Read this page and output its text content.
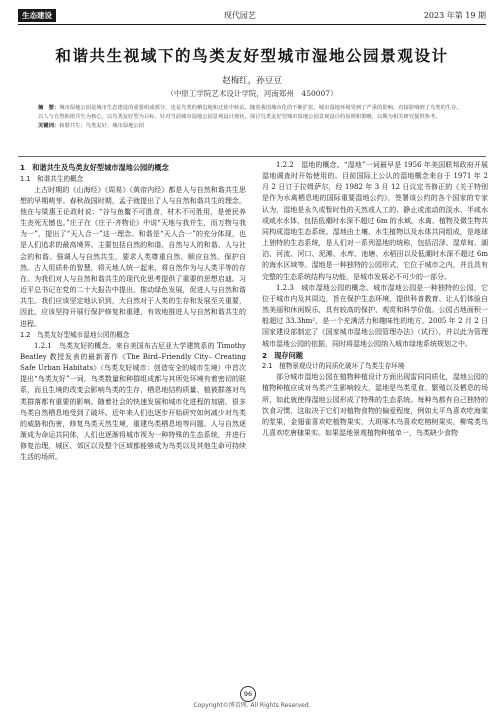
生态建设	现代园艺	2023 年第 19 期
和谐共生视域下的鸟类友好型城市湿地公园景观设计
赵梅红，孙豆豆
（中原工学院艺术设计学院，河南郑州　450007）
摘　要：城市湿地公园是城市生态建设的重要组成部分，也是鸟类的栖息地和迁徙中转站。随着我国城市化的不断扩张，城市湿地环境受到了严重的影响，直接影响到了鸟类的生存。以人与自然和谐共生为核心，以鸟类友好型为目标，针对当前城市湿地公园景观设计现状，探讨鸟类友好型城市湿地公园景观设计的原则和策略，以期为相关研究提供参考。
关键词：和谐共生；鸟类友好；城市湿地公园

1　和谐共生及鸟类友好型城市湿地公园的概念

1.1　和谐共生的概念

上古时期的《山海经》《周易》《黄帝内经》都是人与自然和谐共生思想的早期萌芽。春秋战国时期，孟子就提出了人与自然和谐共生的理念。他在与梁惠王论政时说：“谷与鱼鳖不可胜食，材木不可胜用，是使民养生丧死无憾也。”庄子在《庄子·齐物论》中说“天地与我并生，而万物与我为一”，提出了“天人合一”这一理念。和谐是“天人合一”的充分体现，也是人们追求的最高境界。主要包括自然的和谐、自然与人的和谐、人与社会的和谐。强调人与自然共生，要求人类尊重自然、顺应自然、保护自然。古人用质朴的智慧，将天地人统一起来，将自然作为与人类平等的存在。为我们对人与自然和谐共生的现代化思考提供了重要的思想启迪。习近平总书记在党的二十大报告中提出，推动绿色发展，促进人与自然和谐共生。我们应该坚定地认识到，大自然对于人类的生存和发展至关重要，因此，应该坚持开展行保护修复和重建，有效地推进人与自然和谐共生的进程。

1.2　鸟类友好型城市湿地公园的概念

1.2.1　鸟类友好的概念。来自美国布吉尼亚大学建筑系的 Timothy Beatley 教授发表的最新著作《The Bird–Friendly City– Creating Safe Urban Habitats》（鸟类友好城市：创造安全的城市生境）中首次提出“鸟类友好”一词，鸟类数量和种群组成都与其所处环境有着密切的联系，而且生境的改变会影响鸟类的生存，栖息地结构质量、植被群落对鸟类群落都有重要的影响。随着社会的快速发展和城市化进程的加剧，很多鸟类自然栖息地受到了破坏。近年来人们也逐步开始研究如何减少对鸟类的威胁和伤害，修复鸟类天然生境，重建鸟类栖息地等问题。人与自然逐渐成为命运共同体，人们也逐渐将城市视为一种特殊的生态系统，并进行修复治理，城区、郊区以及整个区域都能够成为鸟类以及其他生命可持续生活的场所。

1.2.2　湿地的概念。“湿地”一词最早是 1956 年美国联邦政府开展湿地调查时开始使用的。目前国际上公认的湿地概念来自于 1971 年 2 月 2 日订于拉姆萨尔，经 1982 年 3 月 12 日议定书修正的《关于特别是作为水禽栖息地的国际重要湿地公约》，签署该公约的各个国家的专家认为，湿地是永久或暂时性的天然或人工的、静止或流动的淡水、半咸水或咸水水体，包括低潮时水深不超过 6m 的水域。水禽、植物及微生物共同构成湿地生态系统。湿地由土壤、水生植物以及水体共同组成，是地球上独特的生态系统，是人们对一系列湿地的统称，包括沼泽、湿草甸、湖泊、河流、河口、泥滩、水库、池塘、水稻田以及低潮时水深不超过 6m 的海水区域等。湿地是一种独特的公园形式，它位于城市之内，并且具有完整的生态系统结构与功能，是城市发展必不可少的一部分。

1.2.3　城市湿地公园的概念。城市湿地公园是一种独特的公园，它位于城市内及其周边，旨在保护生态环境，提供科普教育、让人们体验自然美丽和休闲娱乐，具有较高的保护、观赏和科学价值。公园占地面积一般超过 33.3hm²，是一个充满活力和趣味性的地方。2005 年 2 月 2 日国家建设部制定了《国家城市湿地公园管理办法》（试行），并以此为管理城市湿地公园的依据，同时将湿地公园纳入城市绿地系统规划之中。

2　现存问题

2.1　植物景观设计的同质化破坏了鸟类生存环境

部分城市湿地公园在植物种植设计方面出现雷同同质化，湿地公园的植物种植应成对鸟类产生影响较大，湿地是鸟类觅食、繁殖以及栖息的场所，如此就使得湿地公园形成了特殊的生态系统。每种鸟都有自己独特的饮食习惯，这取决于它们对植物食物的偏爱程度，例如太平鸟喜欢吃海棠的浆果，金翅雀喜欢吃植物果实，大斑啄木鸟喜欢吃榕树果实，柳莺类鸟儿喜欢吃唐棣果实。如果湿地景观植物种植单一，鸟类缺少食物

96
Copyright©博看网. All Rights Reserved.
